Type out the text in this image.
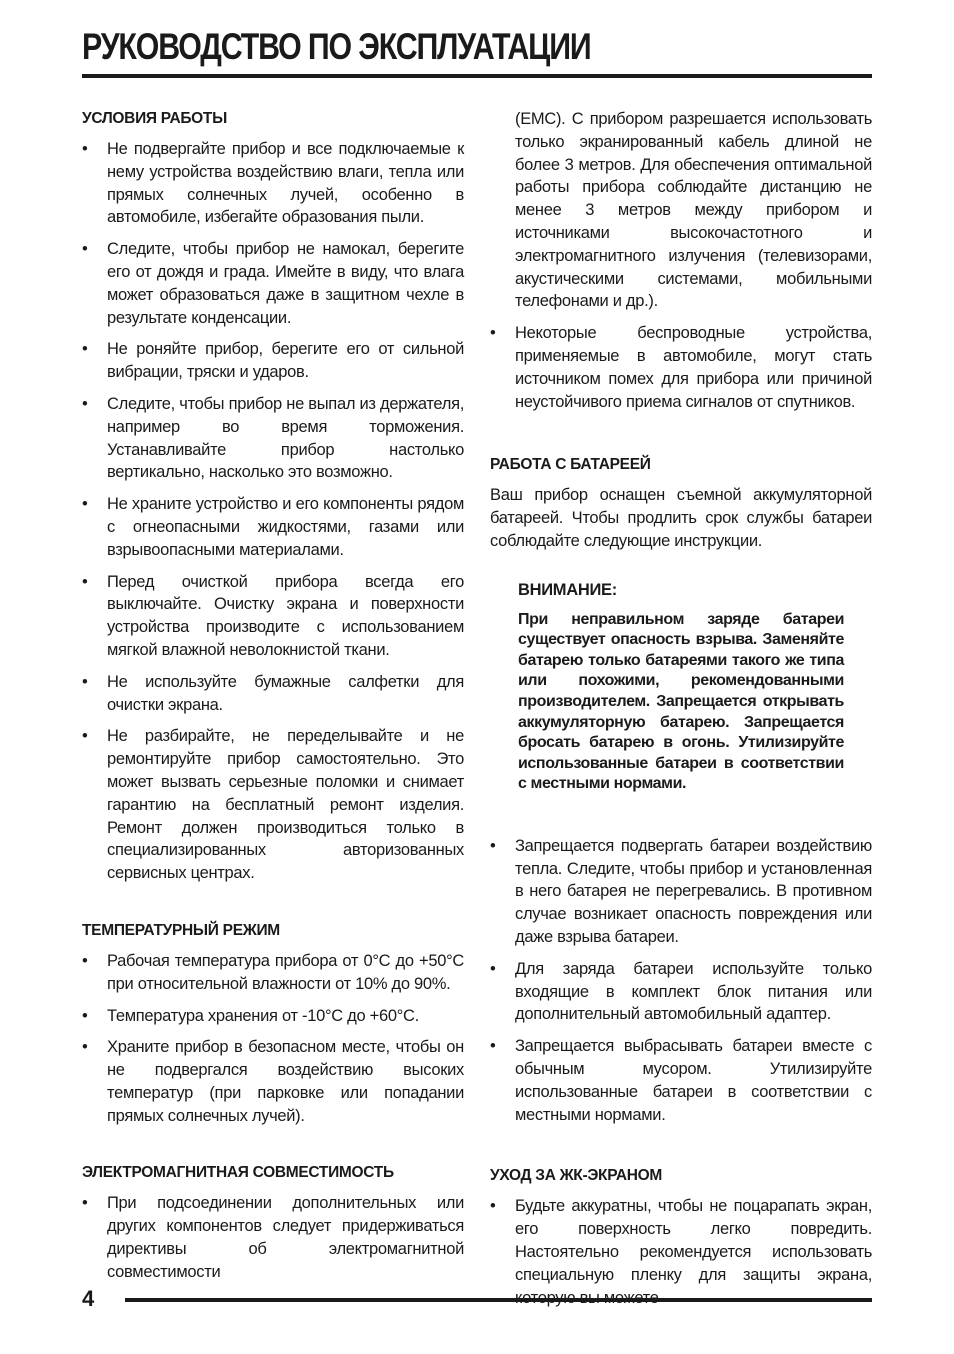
РУКОВОДСТВО ПО ЭКСПЛУАТАЦИИ
УСЛОВИЯ РАБОТЫ
• Не подвергайте прибор и все подключаемые к нему устройства воздействию влаги, тепла или прямых солнечных лучей, особенно в автомобиле, избегайте образования пыли.
• Следите, чтобы прибор не намокал, берегите его от дождя и града. Имейте в виду, что влага может образоваться даже в защитном чехле в результате конденсации.
• Не роняйте прибор, берегите его от сильной вибрации, тряски и ударов.
• Следите, чтобы прибор не выпал из держателя, например во время торможения. Устанавливайте прибор настолько вертикально, насколько это возможно.
• Не храните устройство и его компоненты рядом с огнеопасными жидкостями, газами или взрывоопасными материалами.
• Перед очисткой прибора всегда его выключайте. Очистку экрана и поверхности устройства производите с использованием мягкой влажной неволокнистой ткани.
• Не используйте бумажные салфетки для очистки экрана.
• Не разбирайте, не переделывайте и не ремонтируйте прибор самостоятельно. Это может вызвать серьезные поломки и снимает гарантию на бесплатный ремонт изделия. Ремонт должен производиться только в специализированных авторизованных сервисных центрах.
ТЕМПЕРАТУРНЫЙ РЕЖИМ
• Рабочая температура прибора от 0°С до +50°С при относительной влажности от 10% до 90%.
• Температура хранения от -10°С до +60°С.
• Храните прибор в безопасном месте, чтобы он не подвергался воздействию высоких температур (при парковке или попадании прямых солнечных лучей).
ЭЛЕКТРОМАГНИТНАЯ СОВМЕСТИМОСТЬ
• При подсоединении дополнительных или других компонентов следует придерживаться директивы об электромагнитной совместимости

(ЕМС). С прибором разрешается использовать только экранированный кабель длиной не более 3 метров. Для обеспечения оптимальной работы прибора соблюдайте дистанцию не менее 3 метров между прибором и источниками высокочастотного и электромагнитного излучения (телевизорами, акустическими системами, мобильными телефонами и др.).

• Некоторые беспроводные устройства, применяемые в автомобиле, могут стать источником помех для прибора или причиной неустойчивого приема сигналов от спутников.
РАБОТА С БАТАРЕЕЙ

Ваш прибор оснащен съемной аккумуляторной батареей. Чтобы продлить срок службы батареи соблюдайте следующие инструкции.

ВНИМАНИЕ:

При неправильном заряде батареи существует опасность взрыва. Заменяйте батарею только батареями такого же типа или похожими, рекомендованными производителем. Запрещается открывать аккумуляторную батарею. Запрещается бросать батарею в огонь. Утилизируйте использованные батареи в соответствии с местными нормами.

• Запрещается подвергать батареи воздействию тепла. Следите, чтобы прибор и установленная в него батарея не перегревались. В противном случае возникает опасность повреждения или даже взрыва батареи.
• Для заряда батареи используйте только входящие в комплект блок питания или дополнительный автомобильный адаптер.
• Запрещается выбрасывать батареи вместе с обычным мусором. Утилизируйте использованные батареи в соответствии с местными нормами.
УХОД ЗА ЖК-ЭКРАНОМ
• Будьте аккуратны, чтобы не поцарапать экран, его поверхность легко повредить. Настоятельно рекомендуется использовать специальную пленку для защиты экрана,
4
